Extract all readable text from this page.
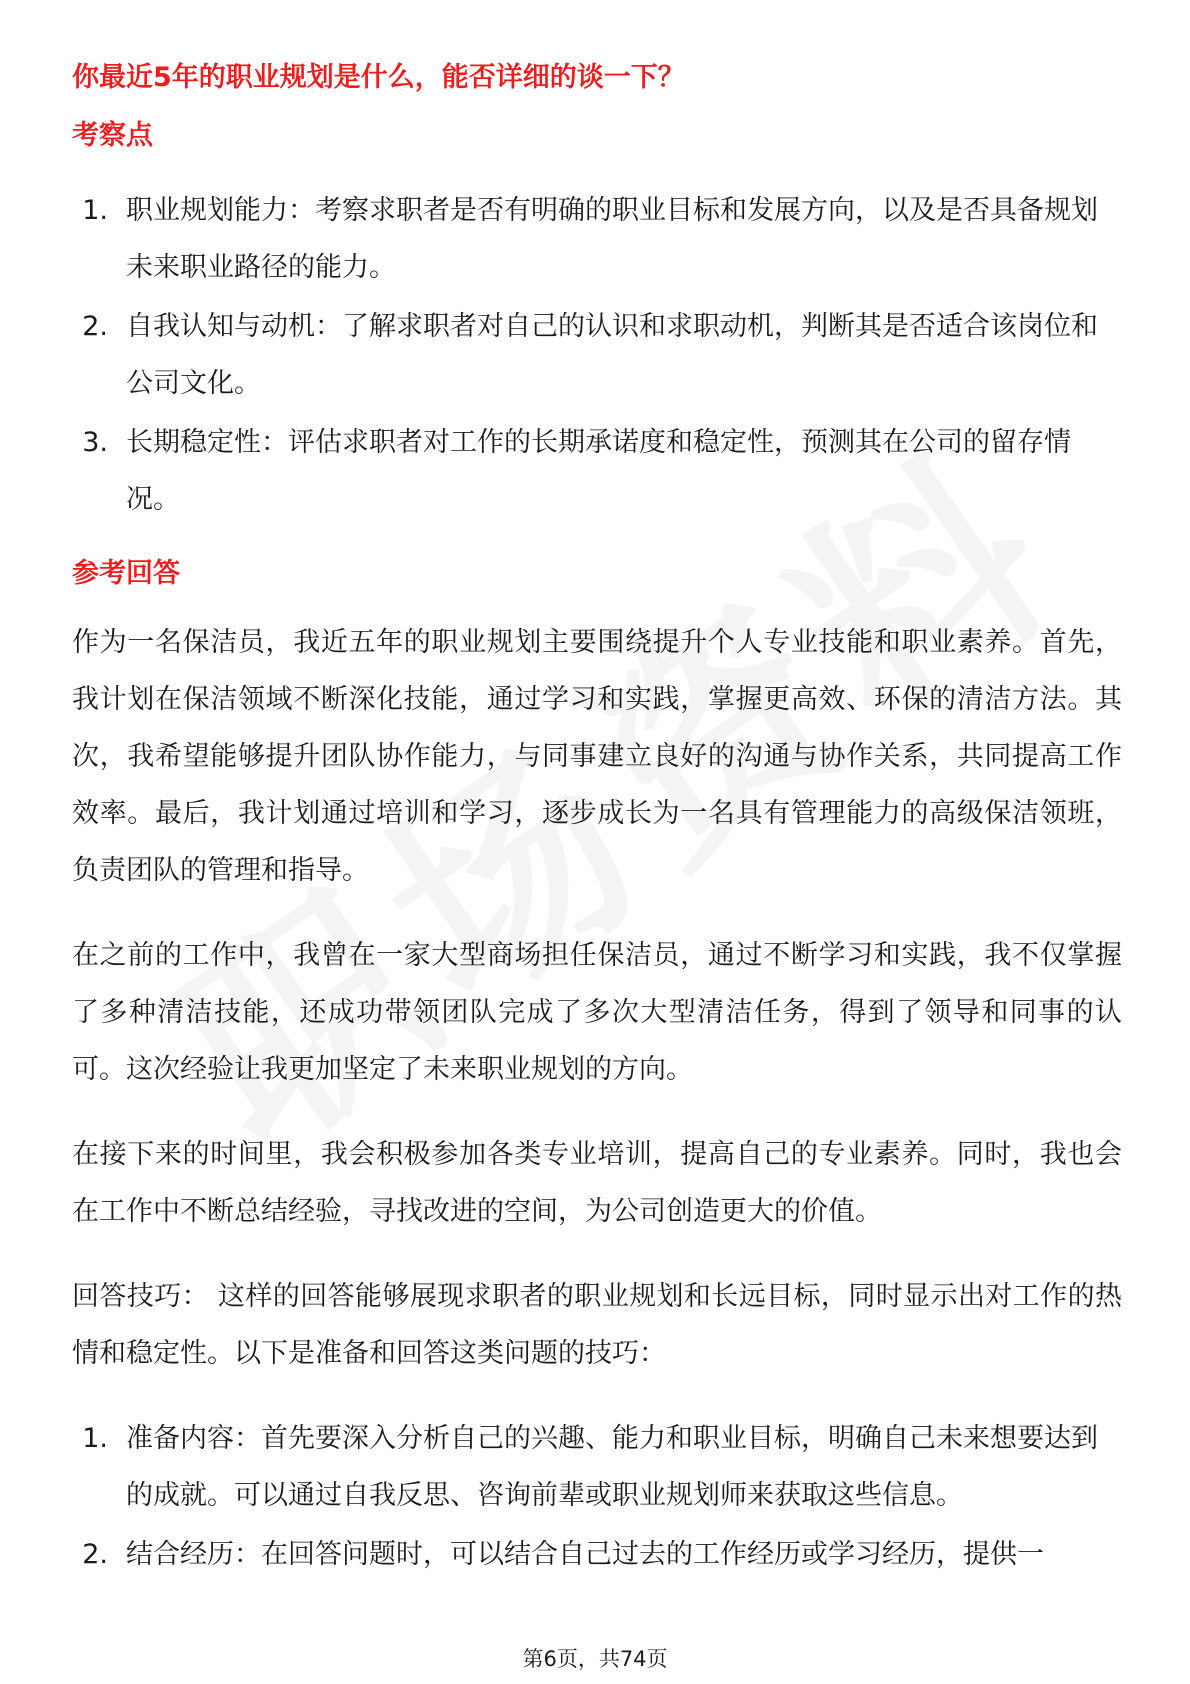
你最近5年的职业规划是什么，能否详细的谈一下？
考察点
1. 职业规划能力：考察求职者是否有明确的职业目标和发展方向，以及是否具备规划未来职业路径的能力。
2. 自我认知与动机：了解求职者对自己的认识和求职动机，判断其是否适合该岗位和公司文化。
3. 长期稳定性：评估求职者对工作的长期承诺度和稳定性，预测其在公司的留存情况。
参考回答

作为一名保洁员，我近五年的职业规划主要围绕提升个人专业技能和职业素养。首先，我计划在保洁领域不断深化技能，通过学习和实践，掌握更高效、环保的清洁方法。其次，我希望能够提升团队协作能力，与同事建立良好的沟通与协作关系，共同提高工作效率。最后，我计划通过培训和学习，逐步成长为一名具有管理能力的高级保洁领班，负责团队的管理和指导。

在之前的工作中，我曾在一家大型商场担任保洁员，通过不断学习和实践，我不仅掌握了多种清洁技能，还成功带领团队完成了多次大型清洁任务，得到了领导和同事的认可。这次经验让我更加坚定了未来职业规划的方向。

在接下来的时间里，我会积极参加各类专业培训，提高自己的专业素养。同时，我也会在工作中不断总结经验，寻找改进的空间，为公司创造更大的价值。

回答技巧： 这样的回答能够展现求职者的职业规划和长远目标，同时显示出对工作的热情和稳定性。以下是准备和回答这类问题的技巧：

1. 准备内容：首先要深入分析自己的兴趣、能力和职业目标，明确自己未来想要达到的成就。可以通过自我反思、咨询前辈或职业规划师来获取这些信息。
2. 结合经历：在回答问题时，可以结合自己过去的工作经历或学习经历，提供一
第6页，共74页
